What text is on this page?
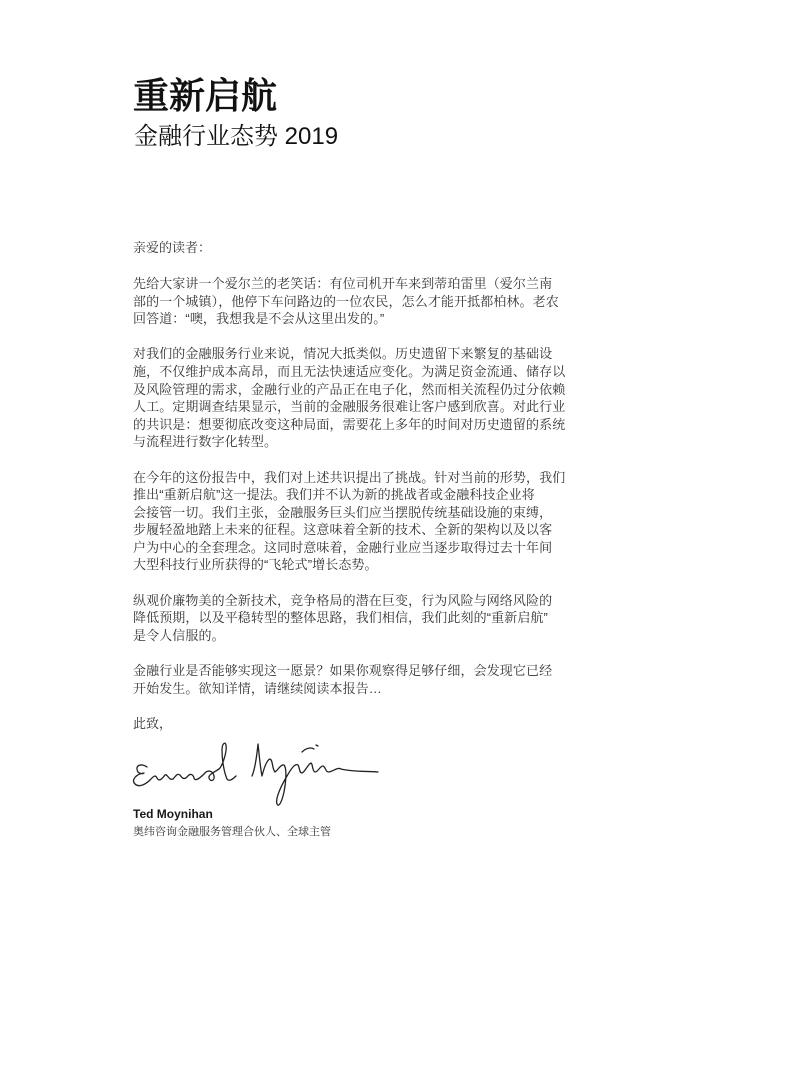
重新启航
金融行业态势 2019

亲爱的读者：

先给大家讲一个爱尔兰的老笑话：有位司机开车来到蒂珀雷里（爱尔兰南
部的一个城镇），他停下车问路边的一位农民，怎么才能开抵都柏林。老农
回答道：“噢，我想我是不会从这里出发的。”

对我们的金融服务行业来说，情况大抵类似。历史遗留下来繁复的基础设
施，不仅维护成本高昂，而且无法快速适应变化。为满足资金流通、储存以
及风险管理的需求，金融行业的产品正在电子化，然而相关流程仍过分依赖
人工。定期调查结果显示，当前的金融服务很难让客户感到欣喜。对此行业
的共识是：想要彻底改变这种局面，需要花上多年的时间对历史遗留的系统
与流程进行数字化转型。

在今年的这份报告中，我们对上述共识提出了挑战。针对当前的形势，我们
推出“重新启航”这一提法。我们并不认为新的挑战者或金融科技企业将
会接管一切。我们主张，金融服务巨头们应当摆脱传统基础设施的束缚，
步履轻盈地踏上未来的征程。这意味着全新的技术、全新的架构以及以客
户为中心的全套理念。这同时意味着，金融行业应当逐步取得过去十年间
大型科技行业所获得的“飞轮式”增长态势。

纵观价廉物美的全新技术，竞争格局的潜在巨变，行为风险与网络风险的
降低预期，以及平稳转型的整体思路，我们相信，我们此刻的“重新启航”
是令人信服的。

金融行业是否能够实现这一愿景？如果你观察得足够仔细，会发现它已经
开始发生。欲知详情，请继续阅读本报告…

此致，

Ted Moynihan
奥纬咨询金融服务管理合伙人、全球主管
